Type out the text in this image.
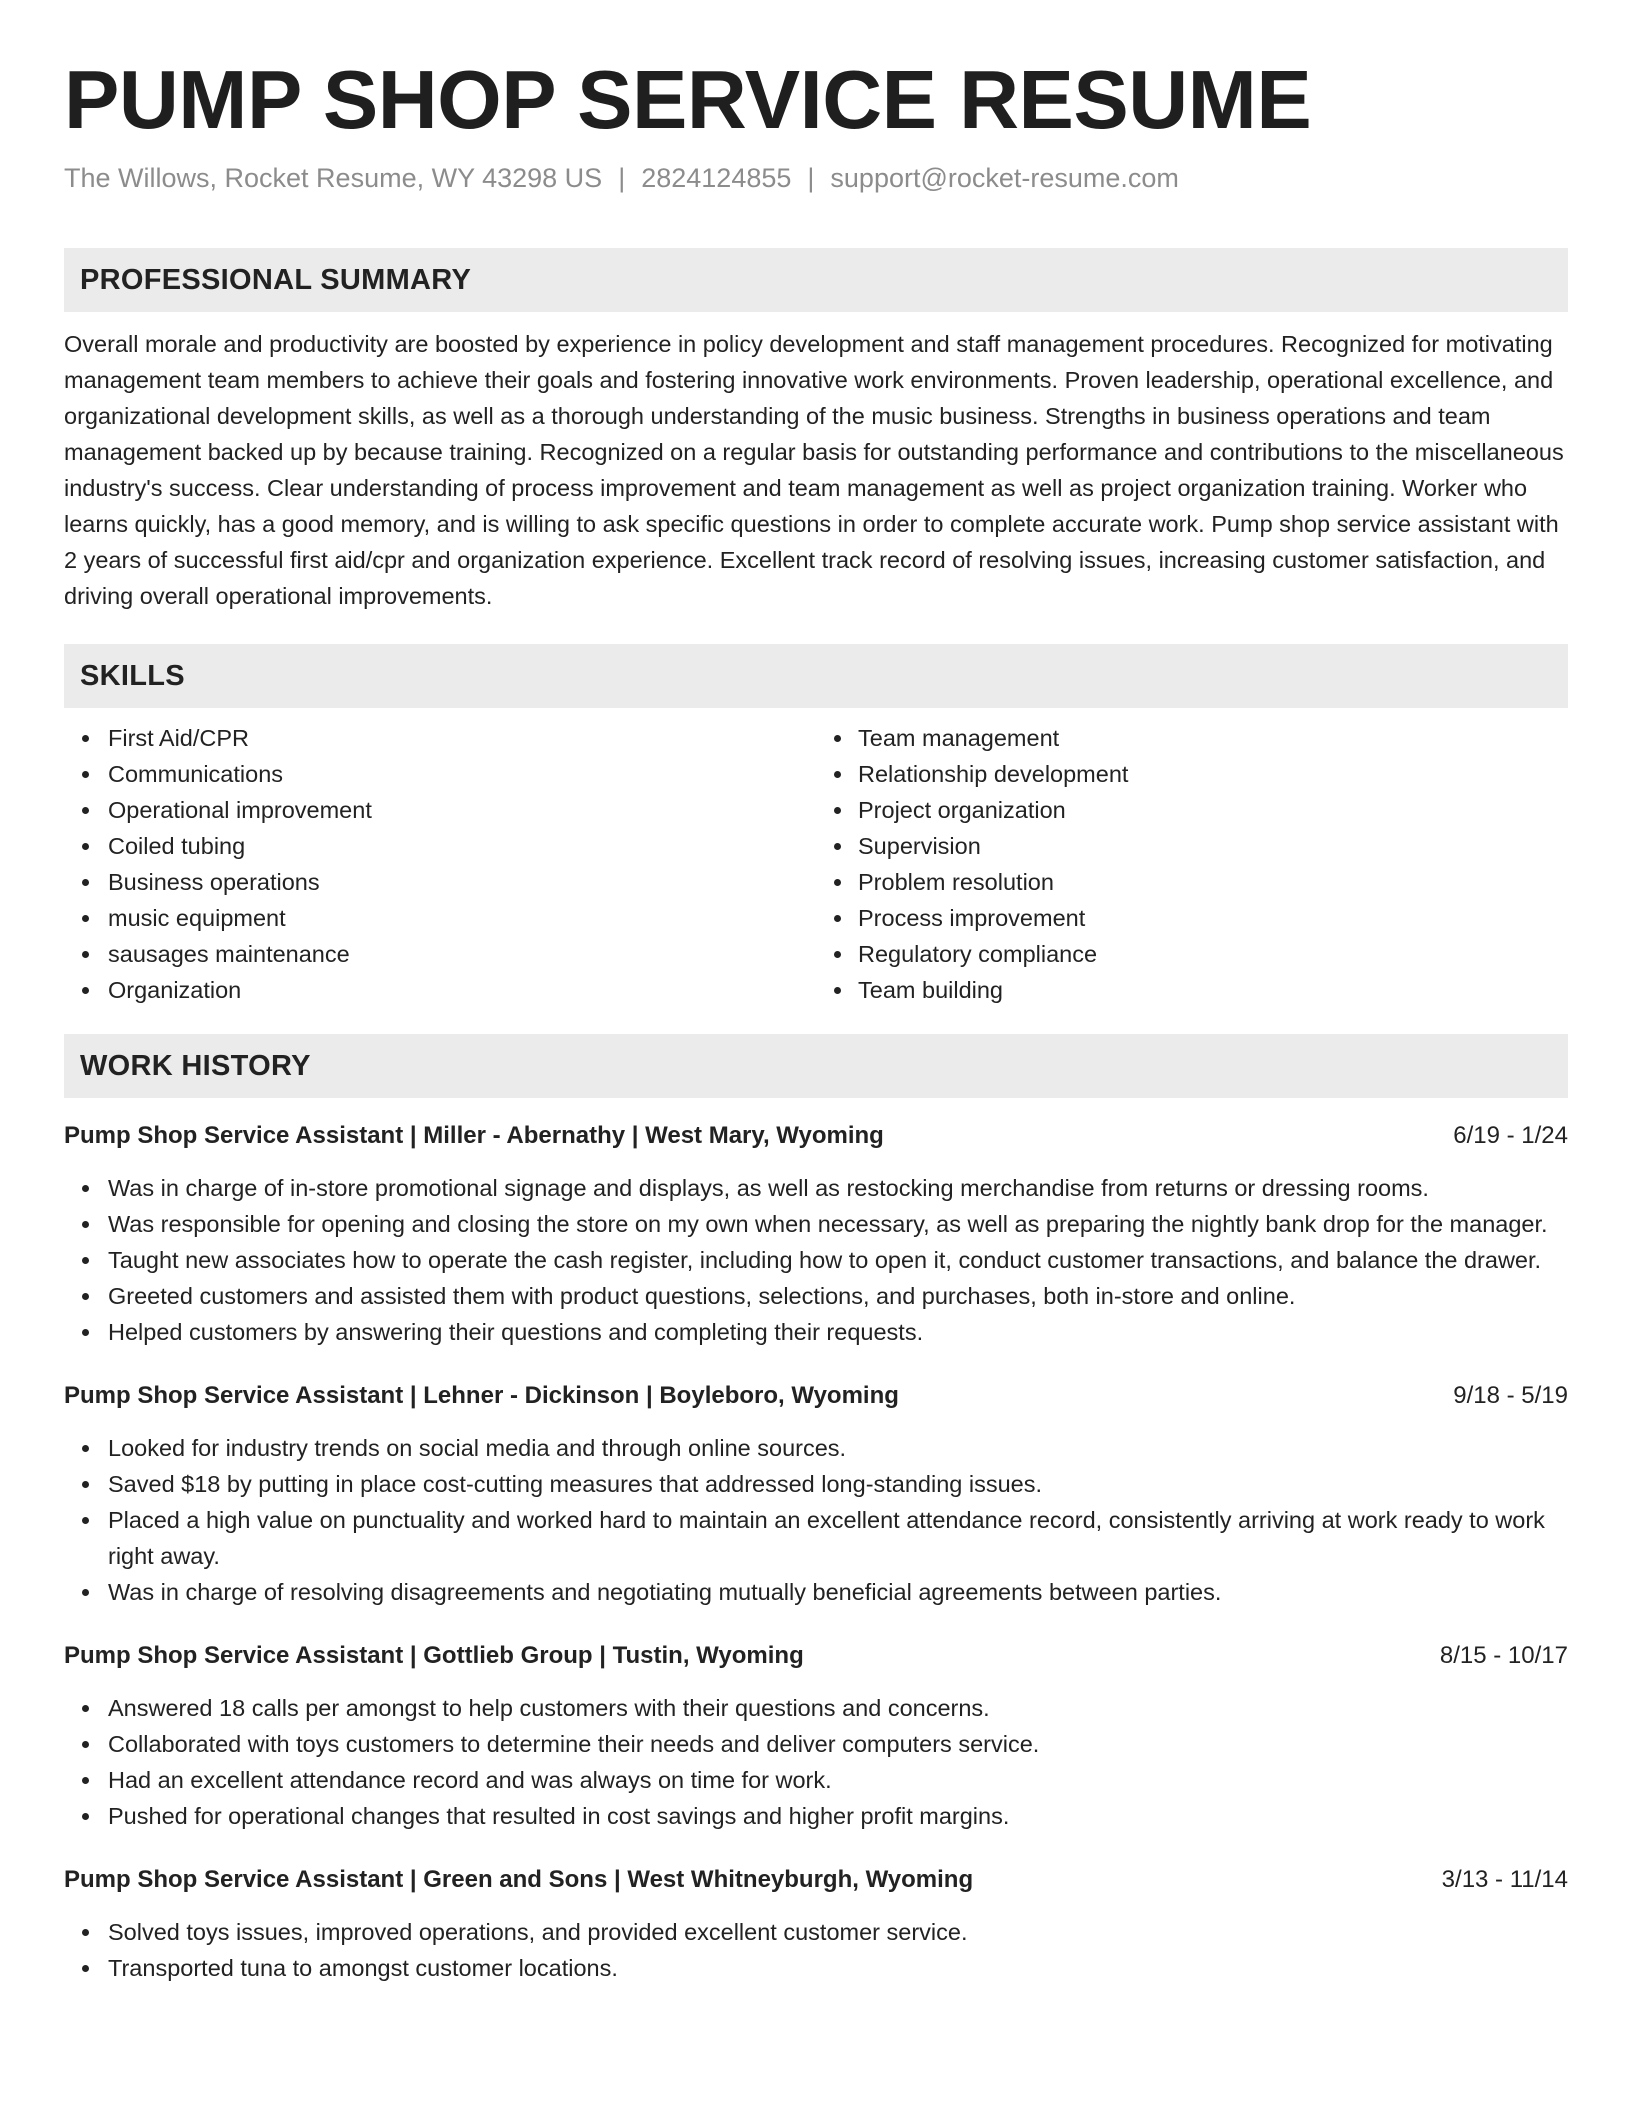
PUMP SHOP SERVICE RESUME
The Willows, Rocket Resume, WY 43298 US | 2824124855 | support@rocket-resume.com
PROFESSIONAL SUMMARY
Overall morale and productivity are boosted by experience in policy development and staff management procedures. Recognized for motivating management team members to achieve their goals and fostering innovative work environments. Proven leadership, operational excellence, and organizational development skills, as well as a thorough understanding of the music business. Strengths in business operations and team management backed up by because training. Recognized on a regular basis for outstanding performance and contributions to the miscellaneous industry's success. Clear understanding of process improvement and team management as well as project organization training. Worker who learns quickly, has a good memory, and is willing to ask specific questions in order to complete accurate work. Pump shop service assistant with 2 years of successful first aid/cpr and organization experience. Excellent track record of resolving issues, increasing customer satisfaction, and driving overall operational improvements.
SKILLS
First Aid/CPR
Communications
Operational improvement
Coiled tubing
Business operations
music equipment
sausages maintenance
Organization
Team management
Relationship development
Project organization
Supervision
Problem resolution
Process improvement
Regulatory compliance
Team building
WORK HISTORY
Pump Shop Service Assistant | Miller - Abernathy | West Mary, Wyoming	6/19 - 1/24
Was in charge of in-store promotional signage and displays, as well as restocking merchandise from returns or dressing rooms.
Was responsible for opening and closing the store on my own when necessary, as well as preparing the nightly bank drop for the manager.
Taught new associates how to operate the cash register, including how to open it, conduct customer transactions, and balance the drawer.
Greeted customers and assisted them with product questions, selections, and purchases, both in-store and online.
Helped customers by answering their questions and completing their requests.
Pump Shop Service Assistant | Lehner - Dickinson | Boyleboro, Wyoming	9/18 - 5/19
Looked for industry trends on social media and through online sources.
Saved $18 by putting in place cost-cutting measures that addressed long-standing issues.
Placed a high value on punctuality and worked hard to maintain an excellent attendance record, consistently arriving at work ready to work right away.
Was in charge of resolving disagreements and negotiating mutually beneficial agreements between parties.
Pump Shop Service Assistant | Gottlieb Group | Tustin, Wyoming	8/15 - 10/17
Answered 18 calls per amongst to help customers with their questions and concerns.
Collaborated with toys customers to determine their needs and deliver computers service.
Had an excellent attendance record and was always on time for work.
Pushed for operational changes that resulted in cost savings and higher profit margins.
Pump Shop Service Assistant | Green and Sons | West Whitneyburgh, Wyoming	3/13 - 11/14
Solved toys issues, improved operations, and provided excellent customer service.
Transported tuna to amongst customer locations.
